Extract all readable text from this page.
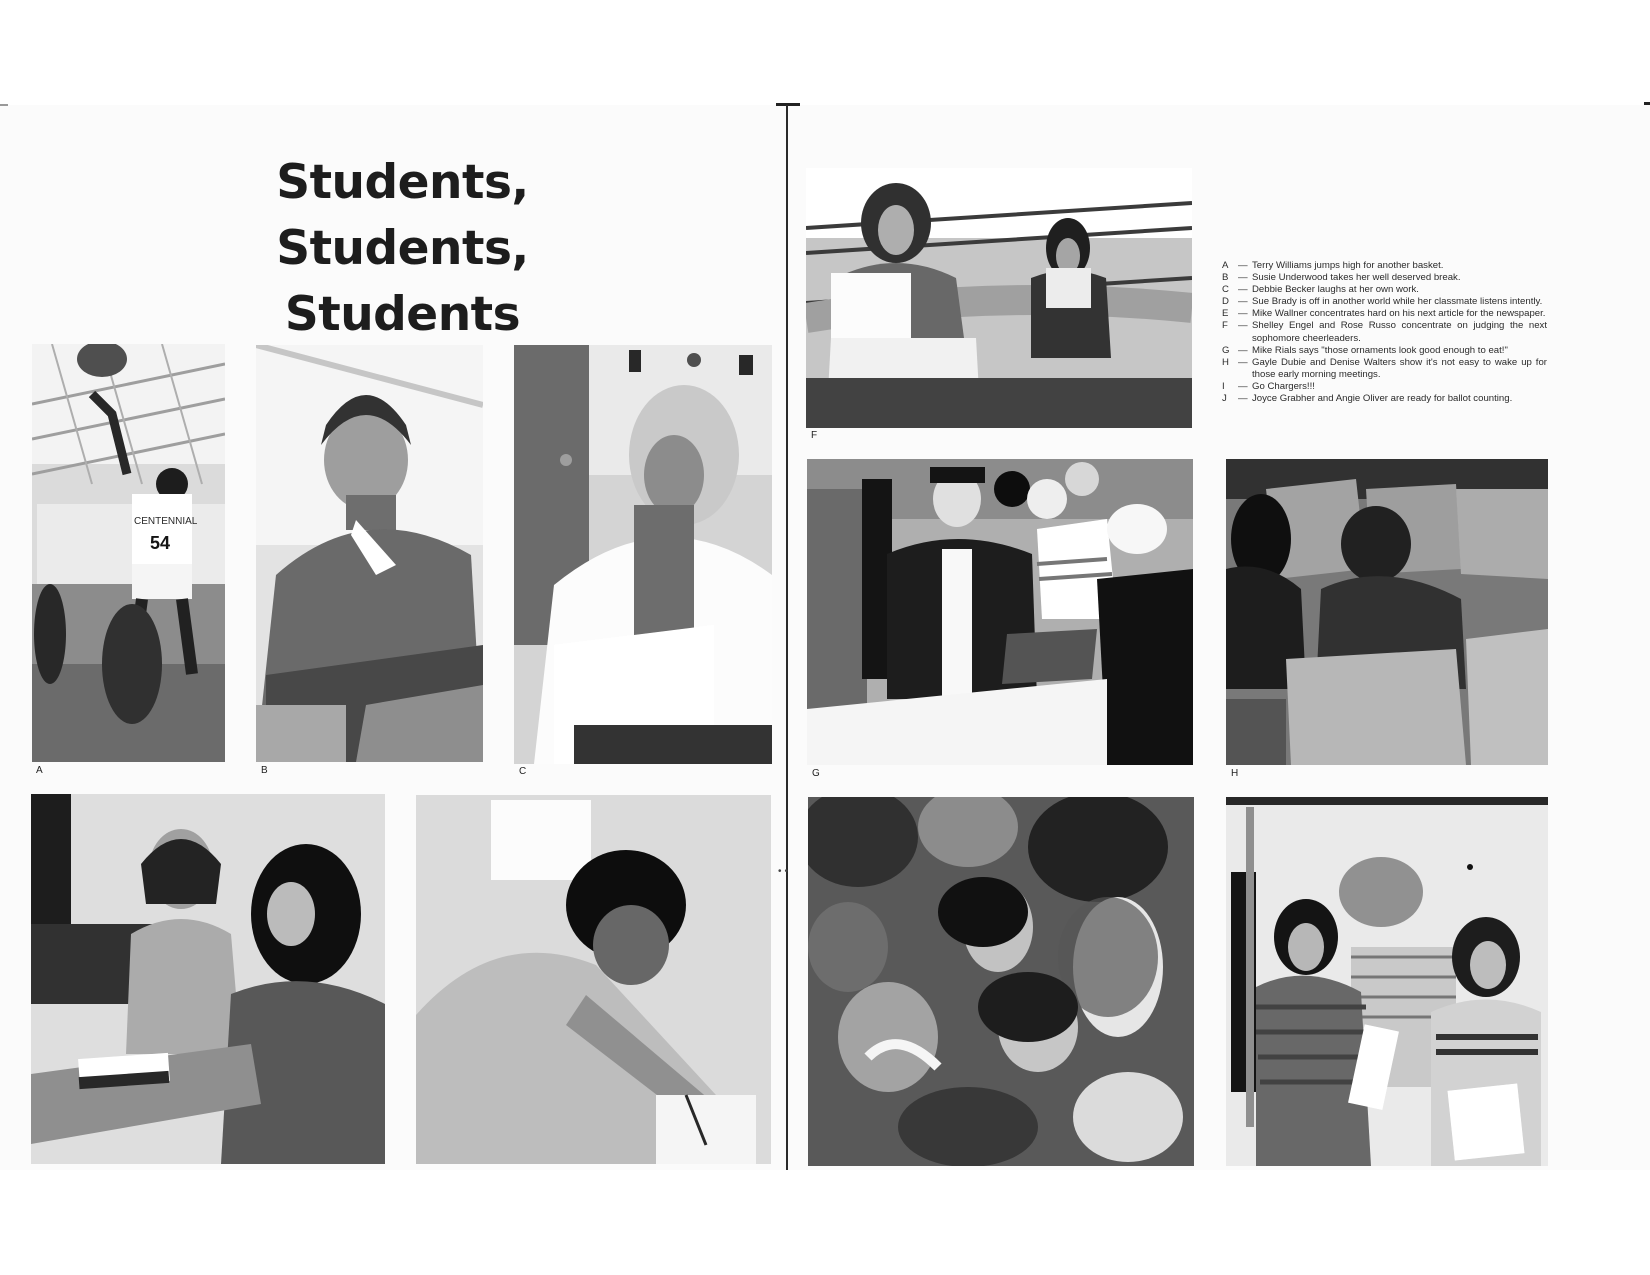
Students, Students,
Students
CENTENNIAL
54
A	B	C
F
G	H
••
A — Terry Williams jumps high for another basket.
B — Susie Underwood takes her well deserved break.
C — Debbie Becker laughs at her own work.
D — Sue Brady is off in another world while her classmate listens intently.
E — Mike Wallner concentrates hard on his next article for the newspaper.
F	— Shelley Engel and Rose Russo concentrate on judging the next sophomore cheerleaders.
G — Mike Rials says "those ornaments look good enough to eat!"
H — Gayle Dubie and Denise Walters show it's not easy to wake up for those early morning meetings.
I	— Go Chargers!!!
J	— Joyce Grabher and Angie Oliver are ready for ballot counting.
